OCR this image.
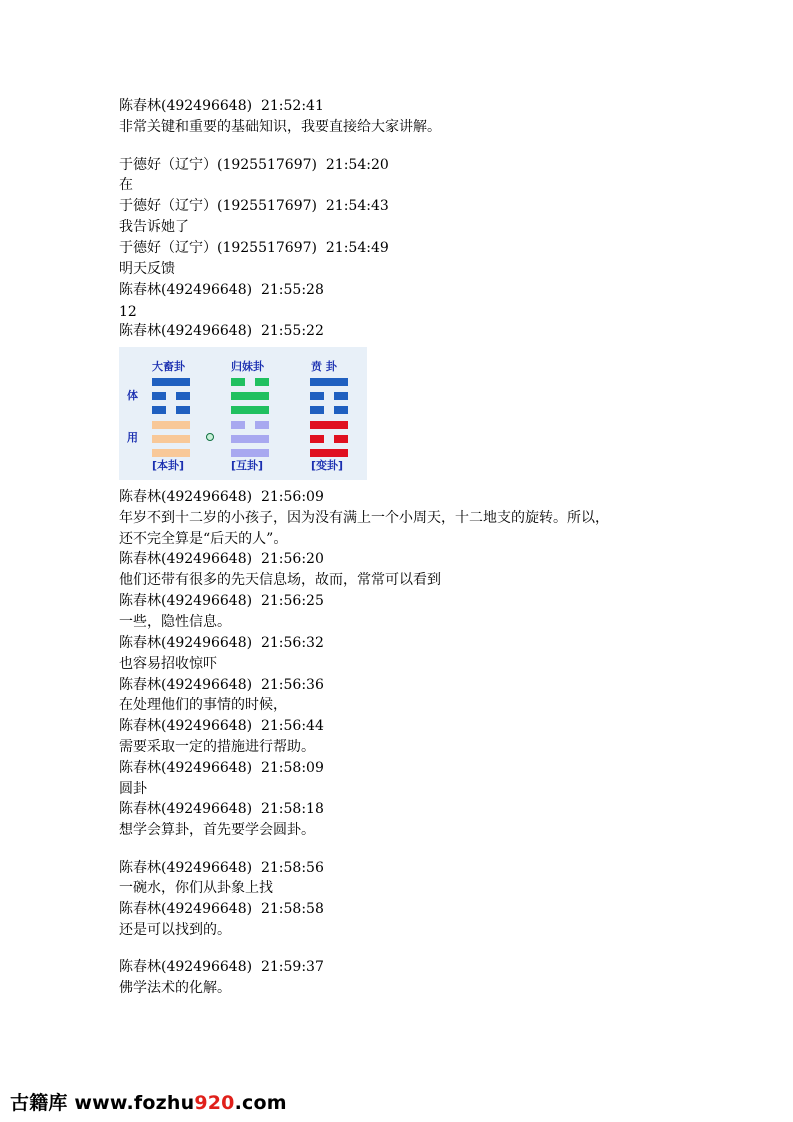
陈春林(492496648)  21:52:41
非常关键和重要的基础知识，我要直接给大家讲解。
于德好（辽宁）(1925517697)  21:54:20
在
于德好（辽宁）(1925517697)  21:54:43
我告诉她了
于德好（辽宁）(1925517697)  21:54:49
明天反馈
陈春林(492496648)  21:55:28
12
陈春林(492496648)  21:55:22
大畜卦	归妹卦	贲 卦
体
用
[本卦]	[互卦]	[变卦]
陈春林(492496648)  21:56:09
年岁不到十二岁的小孩子，因为没有满上一个小周天，十二地支的旋转。所以，
还不完全算是“后天的人”。
陈春林(492496648)  21:56:20
他们还带有很多的先天信息场，故而，常常可以看到
陈春林(492496648)  21:56:25
一些，隐性信息。
陈春林(492496648)  21:56:32
也容易招收惊吓
陈春林(492496648)  21:56:36
在处理他们的事情的时候，
陈春林(492496648)  21:56:44
需要采取一定的措施进行帮助。
陈春林(492496648)  21:58:09
圆卦
陈春林(492496648)  21:58:18
想学会算卦，首先要学会圆卦。
陈春林(492496648)  21:58:56
一碗水，你们从卦象上找
陈春林(492496648)  21:58:58
还是可以找到的。
陈春林(492496648)  21:59:37
佛学法术的化解。
古籍库 www.fozhu920.com
